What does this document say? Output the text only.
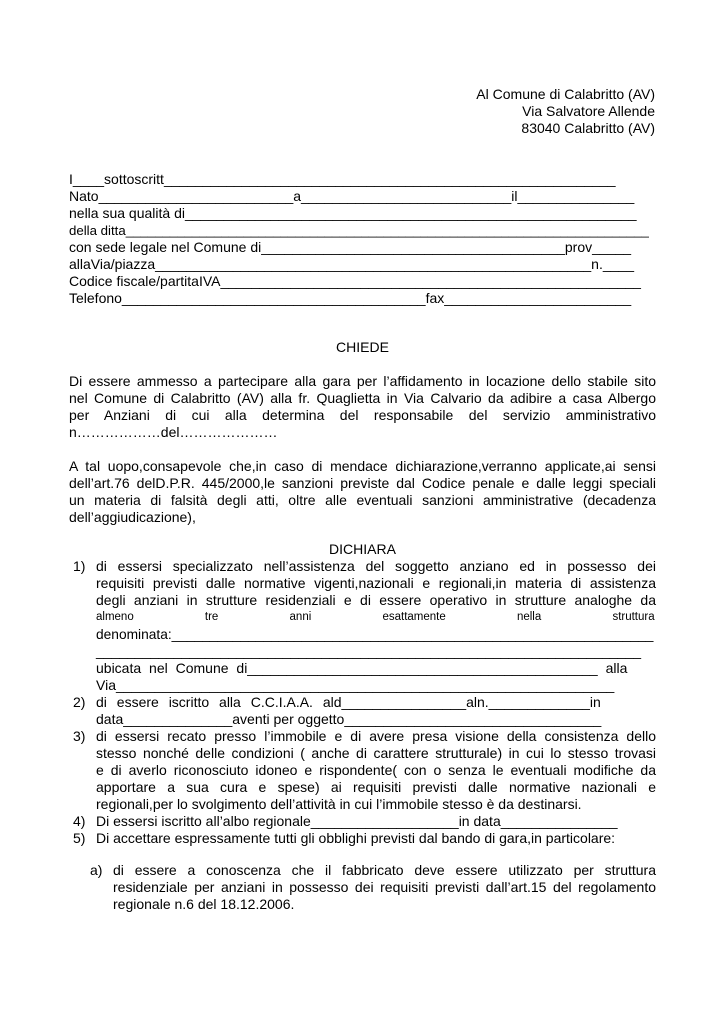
Al Comune di Calabritto (AV)
Via Salvatore Allende
83040 Calabritto (AV)
I____sottoscritt__________________________________________________________
Nato_________________________a___________________________il_______________
nella sua qualità di__________________________________________________________
della ditta_______________________________________________________________________
con sede legale nel Comune di_______________________________________prov_____
allaVia/piazza________________________________________________________n.____
Codice fiscale/partitaIVA______________________________________________________
Telefono_______________________________________fax________________________
CHIEDE
Di essere ammesso a partecipare alla gara per l’affidamento in locazione dello stabile sito
nel Comune di Calabritto (AV) alla fr. Quaglietta in Via Calvario da adibire a casa Albergo
per Anziani di cui alla determina del responsabile del servizio amministrativo
n………………del…………………
A tal uopo,consapevole che,in caso di mendace dichiarazione,verranno applicate,ai sensi
dell’art.76 delD.P.R. 445/2000,le sanzioni previste dal Codice penale e dalle leggi speciali
un materia di falsità degli atti, oltre alle eventuali sanzioni amministrative (decadenza
dell’aggiudicazione),
DICHIARA
1) di essersi specializzato nell’assistenza del soggetto anziano ed in possesso dei
requisiti previsti dalle normative vigenti,nazionali e regionali,in materia di assistenza
degli anziani in strutture residenziali e di essere operativo in strutture analoghe da
almeno tre anni esattamente nella struttura
denominata:_______________________________________________________________
______________________________________________________________________
ubicata nel Comune di_____________________________________________ alla
Via________________________________________________________________
2) di essere iscritto alla C.C.I.A.A. ald________________aln._____________in
data______________aventi per oggetto_________________________________
3) di essersi recato presso l’immobile e di avere presa visione della consistenza dello
stesso nonché delle condizioni ( anche di carattere strutturale) in cui lo stesso trovasi
e di averlo riconosciuto idoneo e rispondente( con o senza le eventuali modifiche da
apportare a sua cura e spese) ai requisiti previsti dalle normative nazionali e
regionali,per lo svolgimento dell’attività in cui l’immobile stesso è da destinarsi.
4) Di essersi iscritto all’albo regionale___________________in data_______________
5) Di accettare espressamente tutti gli obblighi previsti dal bando di gara,in particolare:
a) di essere a conoscenza che il fabbricato deve essere utilizzato per struttura
residenziale per anziani in possesso dei requisiti previsti dall’art.15 del regolamento
regionale n.6 del 18.12.2006.
